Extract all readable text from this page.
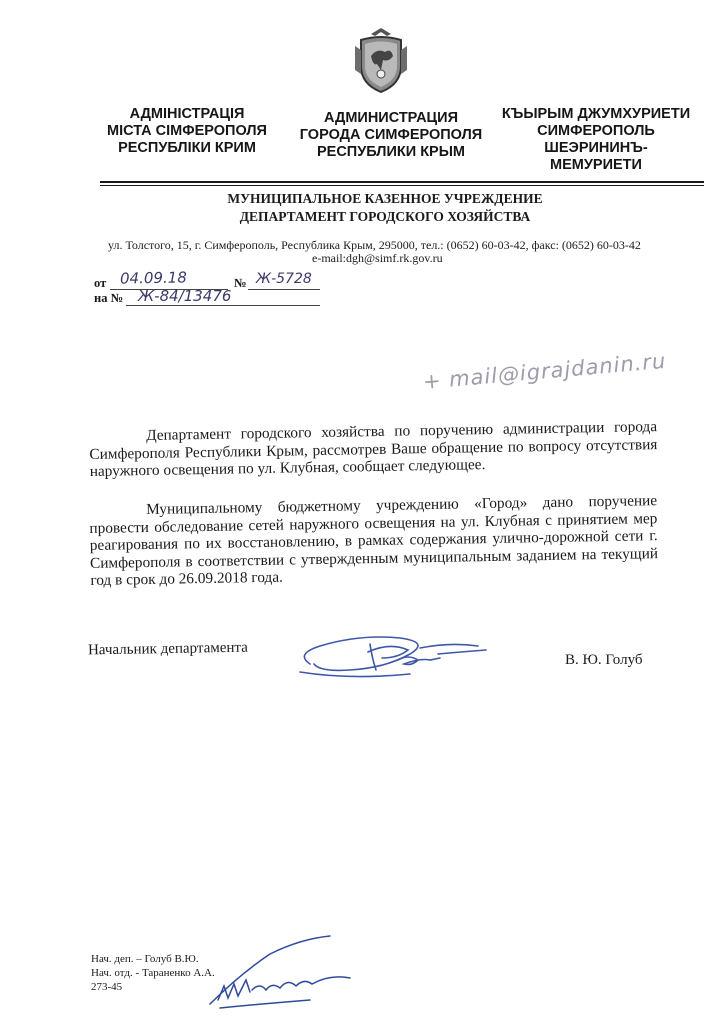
АДМІНІСТРАЦІЯ
МІСТА СІМФЕРОПОЛЯ
РЕСПУБЛІКИ КРИМ
АДМИНИСТРАЦИЯ
ГОРОДА СИМФЕРОПОЛЯ
РЕСПУБЛИКИ КРЫМ
КЪЫРЫМ ДЖУМХУРИЕТИ
СИМФЕРОПОЛЬ
ШЕЭРИНИНЪ-
МЕМУРИЕТИ
МУНИЦИПАЛЬНОЕ КАЗЕННОЕ УЧРЕЖДЕНИЕ
ДЕПАРТАМЕНТ ГОРОДСКОГО ХОЗЯЙСТВА
ул. Толстого, 15, г. Симферополь, Республика Крым, 295000, тел.: (0652) 60-03-42, факс: (0652) 60-03-42
e-mail:dgh@simf.rk.gov.ru
от	№
на №
04.09.18	Ж-5728
Ж-84/13476
+ mail@igrajdanin.ru

Департамент городского хозяйства по поручению администрации города Симферополя Республики Крым, рассмотрев Ваше обращение по вопросу отсутствия наружного освещения по ул. Клубная, сообщает следующее.

Муниципальному бюджетному учреждению «Город» дано поручение провести обследование сетей наружного освещения на ул. Клубная с принятием мер реагирования по их восстановлению, в рамках содержания улично-дорожной сети г. Симферополя в соответствии с утвержденным муниципальным заданием на текущий год в срок до 26.09.2018 года.

Начальник департамента
В. Ю. Голуб
Нач. деп. – Голуб В.Ю.
Нач. отд. - Тараненко А.А.
273-45
